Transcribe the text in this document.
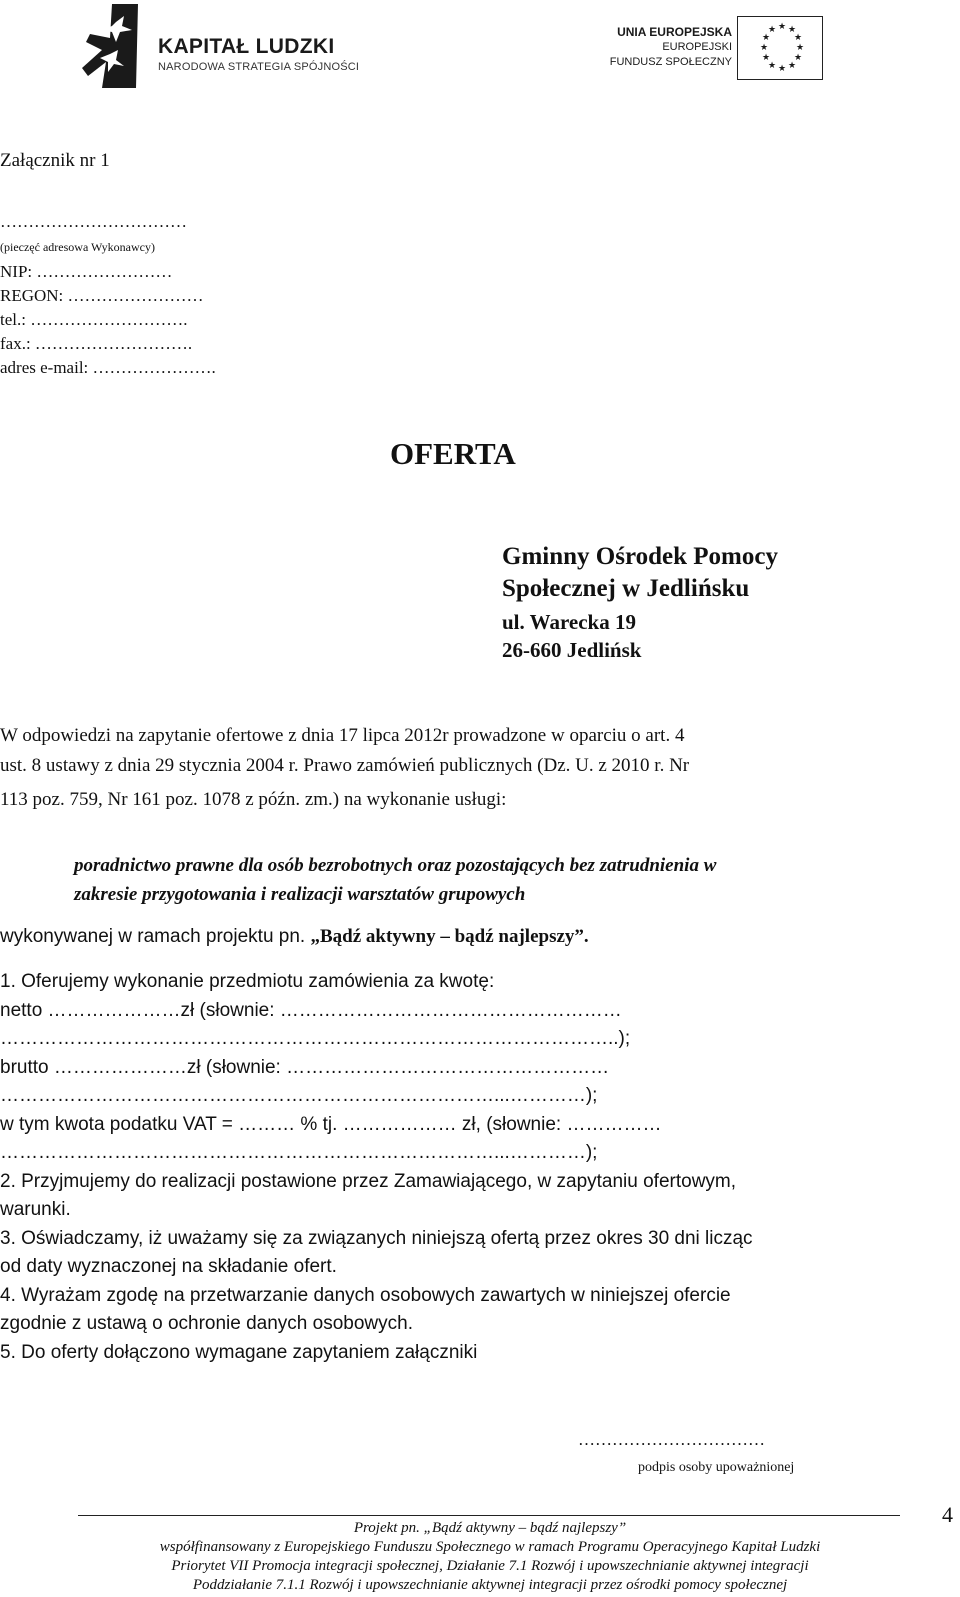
KAPITAŁ LUDZKI
NARODOWA STRATEGIA SPÓJNOŚCI
UNIA EUROPEJSKA
EUROPEJSKI
FUNDUSZ SPOŁECZNY
★ ★
★
★
★
★
★
★
★
★
★
★
Załącznik nr 1
……………………………
(pieczęć adresowa Wykonawcy)
NIP: ……………………
REGON: ……………………
tel.: ……………………….
fax.: ……………………….
adres e-mail: ………………….
OFERTA
Gminny Ośrodek Pomocy
Społecznej w Jedlińsku
ul. Warecka 19
26-660 Jedlińsk
W odpowiedzi na zapytanie ofertowe z dnia 17 lipca 2012r prowadzone w oparciu o art. 4
ust. 8 ustawy z dnia 29 stycznia 2004 r. Prawo zamówień publicznych (Dz. U. z 2010 r. Nr
113 poz. 759, Nr 161 poz. 1078 z późn. zm.) na wykonanie usługi:
poradnictwo prawne dla osób bezrobotnych oraz pozostających bez zatrudnienia w
zakresie przygotowania i realizacji warsztatów grupowych
wykonywanej w ramach projektu pn. „Bądź aktywny – bądź najlepszy”.
1. Oferujemy wykonanie przedmiotu zamówienia za kwotę:
netto …………………zł (słownie: ………………………………………………
……………………………………………………………………………………..);
brutto …………………zł (słownie: ……………………………………………
……………………………………………………………………...…………);
w tym kwota podatku VAT = ……… % tj. ……………… zł, (słownie: ……………
……………………………………………………………………...…………);
2. Przyjmujemy do realizacji postawione przez Zamawiającego, w zapytaniu ofertowym,
warunki.
3. Oświadczamy, iż uważamy się za związanych niniejszą ofertą przez okres 30 dni licząc
od daty wyznaczonej na składanie ofert.
4. Wyrażam zgodę na przetwarzanie danych osobowych zawartych w niniejszej ofercie
zgodnie z ustawą o ochronie danych osobowych.
5. Do oferty dołączono wymagane zapytaniem załączniki
……………………………
podpis osoby upoważnionej
Projekt pn. „Bądź aktywny – bądź najlepszy”
współfinansowany z Europejskiego Funduszu Społecznego w ramach Programu Operacyjnego Kapitał Ludzki
Priorytet VII Promocja integracji społecznej, Działanie 7.1 Rozwój i upowszechnianie aktywnej integracji
Poddziałanie 7.1.1 Rozwój i upowszechnianie aktywnej integracji przez ośrodki pomocy społecznej
4
